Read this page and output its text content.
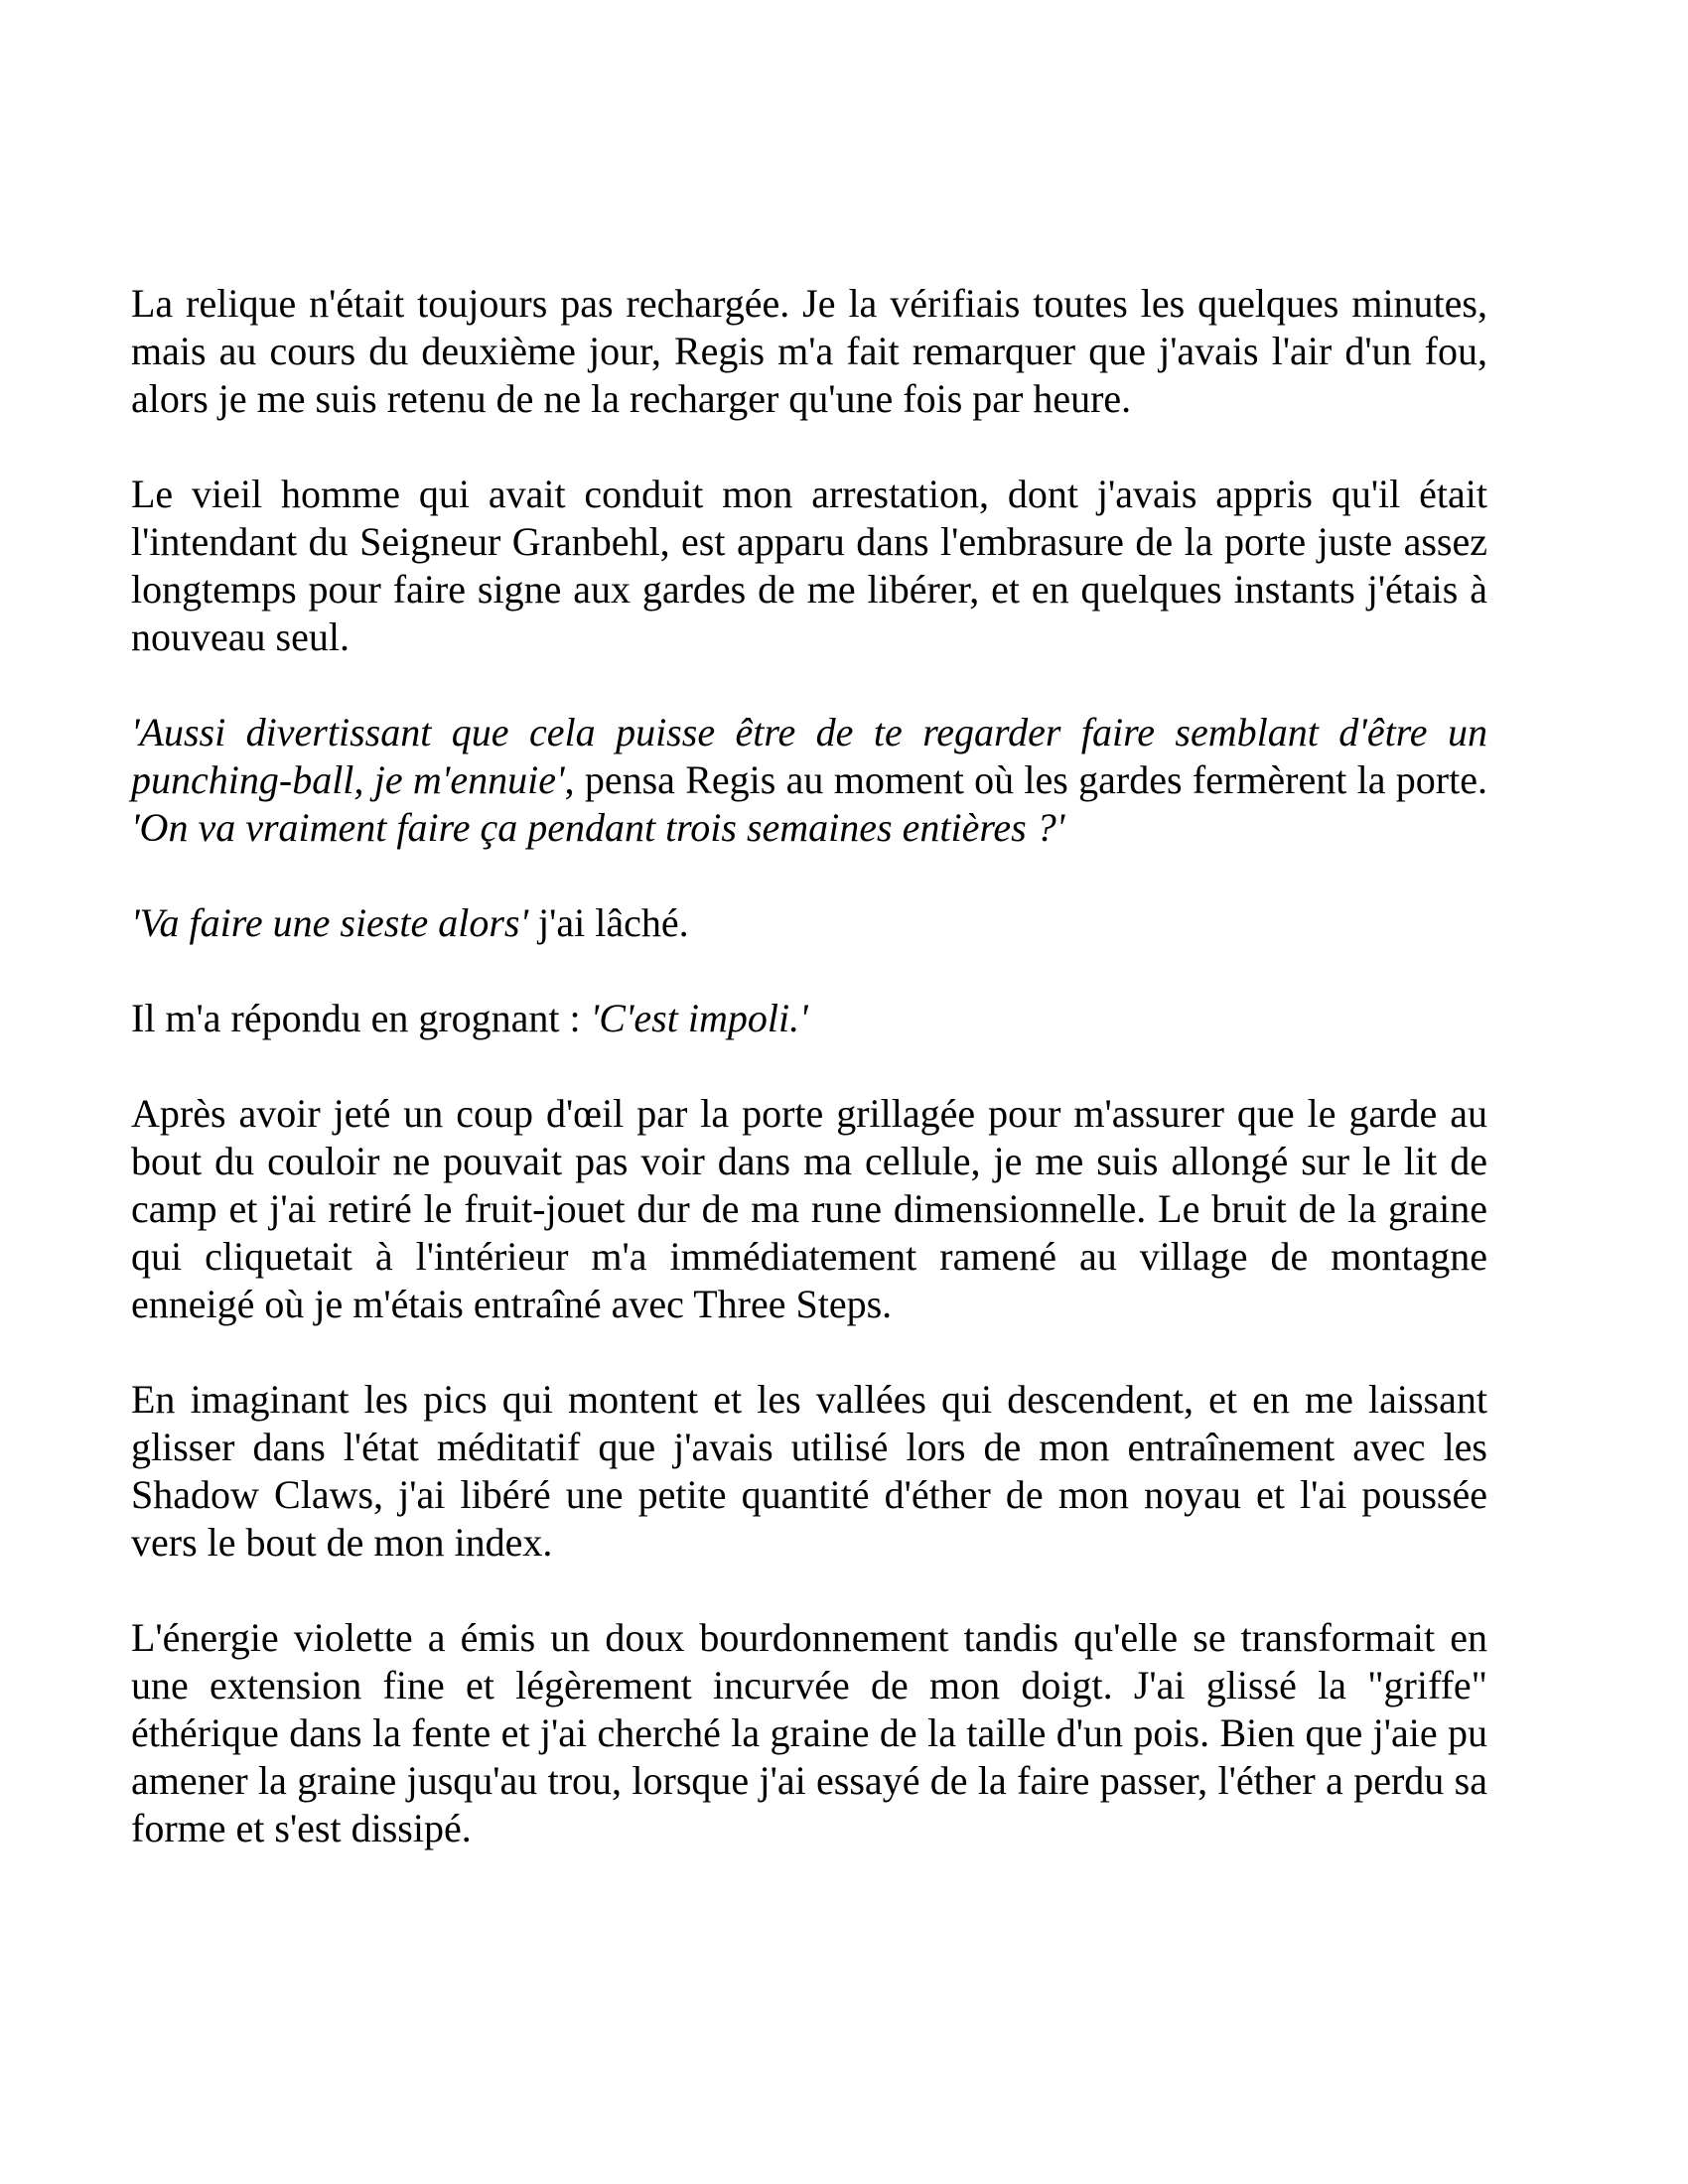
La relique n'était toujours pas rechargée. Je la vérifiais toutes les quelques minutes, mais au cours du deuxième jour, Regis m'a fait remarquer que j'avais l'air d'un fou, alors je me suis retenu de ne la recharger qu'une fois par heure.

Le vieil homme qui avait conduit mon arrestation, dont j'avais appris qu'il était l'intendant du Seigneur Granbehl, est apparu dans l'embrasure de la porte juste assez longtemps pour faire signe aux gardes de me libérer, et en quelques instants j'étais à nouveau seul.

'Aussi divertissant que cela puisse être de te regarder faire semblant d'être un punching-ball, je m'ennuie', pensa Regis au moment où les gardes fermèrent la porte. 'On va vraiment faire ça pendant trois semaines entières ?'

'Va faire une sieste alors' j'ai lâché.

Il m'a répondu en grognant : 'C'est impoli.'

Après avoir jeté un coup d'œil par la porte grillagée pour m'assurer que le garde au bout du couloir ne pouvait pas voir dans ma cellule, je me suis allongé sur le lit de camp et j'ai retiré le fruit-jouet dur de ma rune dimensionnelle. Le bruit de la graine qui cliquetait à l'intérieur m'a immédiatement ramené au village de montagne enneigé où je m'étais entraîné avec Three Steps.

En imaginant les pics qui montent et les vallées qui descendent, et en me laissant glisser dans l'état méditatif que j'avais utilisé lors de mon entraînement avec les Shadow Claws, j'ai libéré une petite quantité d'éther de mon noyau et l'ai poussée vers le bout de mon index.

L'énergie violette a émis un doux bourdonnement tandis qu'elle se transformait en une extension fine et légèrement incurvée de mon doigt. J'ai glissé la "griffe" éthérique dans la fente et j'ai cherché la graine de la taille d'un pois. Bien que j'aie pu amener la graine jusqu'au trou, lorsque j'ai essayé de la faire passer, l'éther a perdu sa forme et s'est dissipé.
